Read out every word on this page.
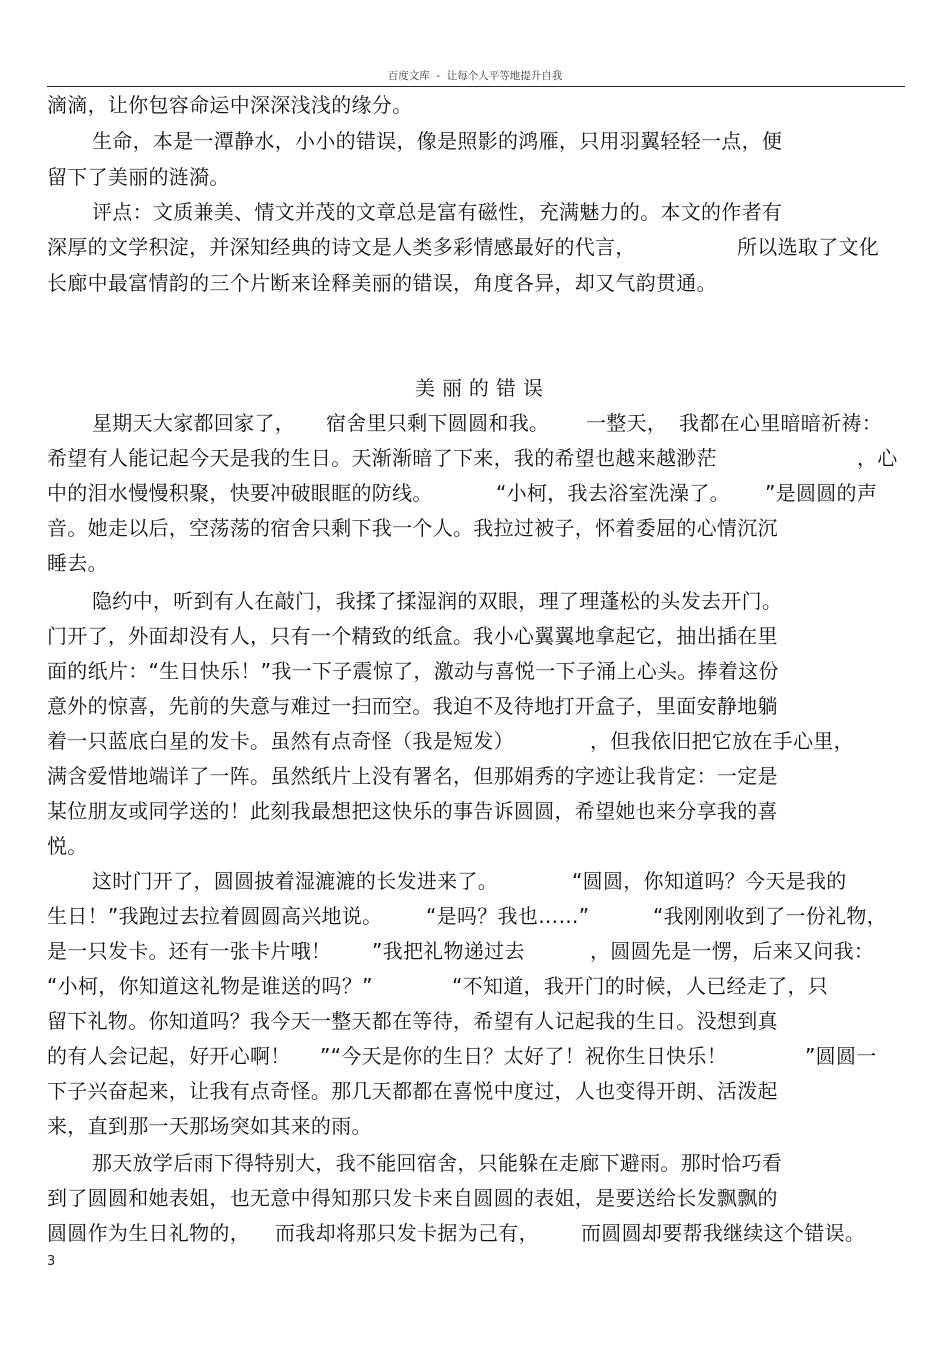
百度文库  -  让每个人平等地提升自我
滴滴，让你包容命运中深深浅浅的缘分。
生命，本是一潭静水，小小的错误，像是照影的鸿雁，只用羽翼轻轻一点，便
留下了美丽的涟漪。
评点：文质兼美、情文并茂的文章总是富有磁性，充满魅力的。本文的作者有
深厚的文学积淀，并深知经典的诗文是人类多彩情感最好的代言，	所以选取了文化
长廊中最富情韵的三个片断来诠释美丽的错误，角度各异，却又气韵贯通。
美 丽 的 错 误
星期天大家都回家了， 宿舍里只剩下圆圆和我。 一整天， 我都在心里暗暗祈祷：
希望有人能记起今天是我的生日。天渐渐暗了下来，我的希望也越来越渺茫	，心
中的泪水慢慢积聚，快要冲破眼眶的防线。	“小柯，我去浴室洗澡了。 ”是圆圆的声
音。她走以后，空荡荡的宿舍只剩下我一个人。我拉过被子，怀着委屈的心情沉沉
睡去。
隐约中，听到有人在敲门，我揉了揉湿润的双眼，理了理蓬松的头发去开门。
门开了，外面却没有人，只有一个精致的纸盒。我小心翼翼地拿起它，抽出插在里
面的纸片：“生日快乐！”我一下子震惊了，激动与喜悦一下子涌上心头。捧着这份
意外的惊喜，先前的失意与难过一扫而空。我迫不及待地打开盒子，里面安静地躺
着一只蓝底白星的发卡。虽然有点奇怪（我是短发）	，但我依旧把它放在手心里，
满含爱惜地端详了一阵。虽然纸片上没有署名，但那娟秀的字迹让我肯定：一定是
某位朋友或同学送的！此刻我最想把这快乐的事告诉圆圆，希望她也来分享我的喜
悦。
这时门开了，圆圆披着湿漉漉的长发进来了。	“圆圆，你知道吗？今天是我的
生日！”我跑过去拉着圆圆高兴地说。 “是吗？我也……”	“我刚刚收到了一份礼物，
是一只发卡。还有一张卡片哦！ ”我把礼物递过去	，圆圆先是一愣，后来又问我：
“小柯，你知道这礼物是谁送的吗？”	“不知道，我开门的时候，人已经走了，只
留下礼物。你知道吗？我今天一整天都在等待，希望有人记起我的生日。没想到真
的有人会记起，好开心啊！ ”“今天是你的生日？太好了！祝你生日快乐！	”圆圆一
下子兴奋起来，让我有点奇怪。那几天都都在喜悦中度过，人也变得开朗、活泼起
来，直到那一天那场突如其来的雨。
那天放学后雨下得特别大，我不能回宿舍，只能躲在走廊下避雨。那时恰巧看
到了圆圆和她表姐，也无意中得知那只发卡来自圆圆的表姐，是要送给长发飘飘的
圆圆作为生日礼物的， 而我却将那只发卡据为己有， 而圆圆却要帮我继续这个错误。
3
